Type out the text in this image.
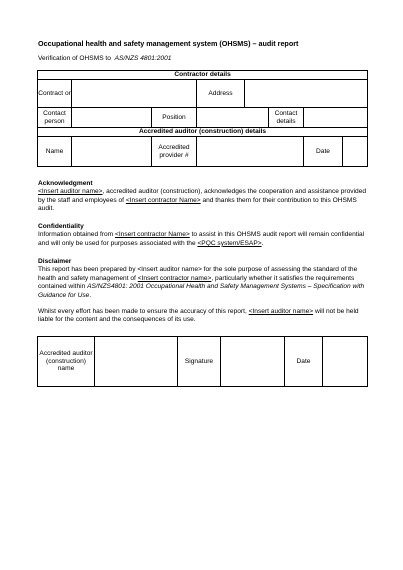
Occupational health and safety management system (OHSMS) – audit report
Verification of OHSMS to AS/NZS 4801:2001
Contractor details							
Contract or			Address				
Contact person		Position			Contact details		
Accredited auditor (construction) details							
Name		Accredited provider #				Date	
Acknowledgment
<Insert auditor name>, accredited auditor (construction), acknowledges the cooperation and assistance provided by the staff and employees of <Insert contractor Name> and thanks them for their contribution to this OHSMS audit.
Confidentiality
Information obtained from <Insert contractor Name> to assist in this OHSMS audit report will remain confidential and will only be used for purposes associated with the <PQC system/ESAP>.
Disclaimer
This report has been prepared by <Insert auditor name> for the sole purpose of assessing the standard of the health and safety management of <Insert contractor name>, particularly whether it satisfies the requirements contained within AS/NZS4801: 2001 Occupational Health and Safety Management Systems – Specification with Guidance for Use.
Whilst every effort has been made to ensure the accuracy of this report, <Insert auditor name> will not be held liable for the content and the consequences of its use.
Accredited auditor (construction) name		Signature		Date	
